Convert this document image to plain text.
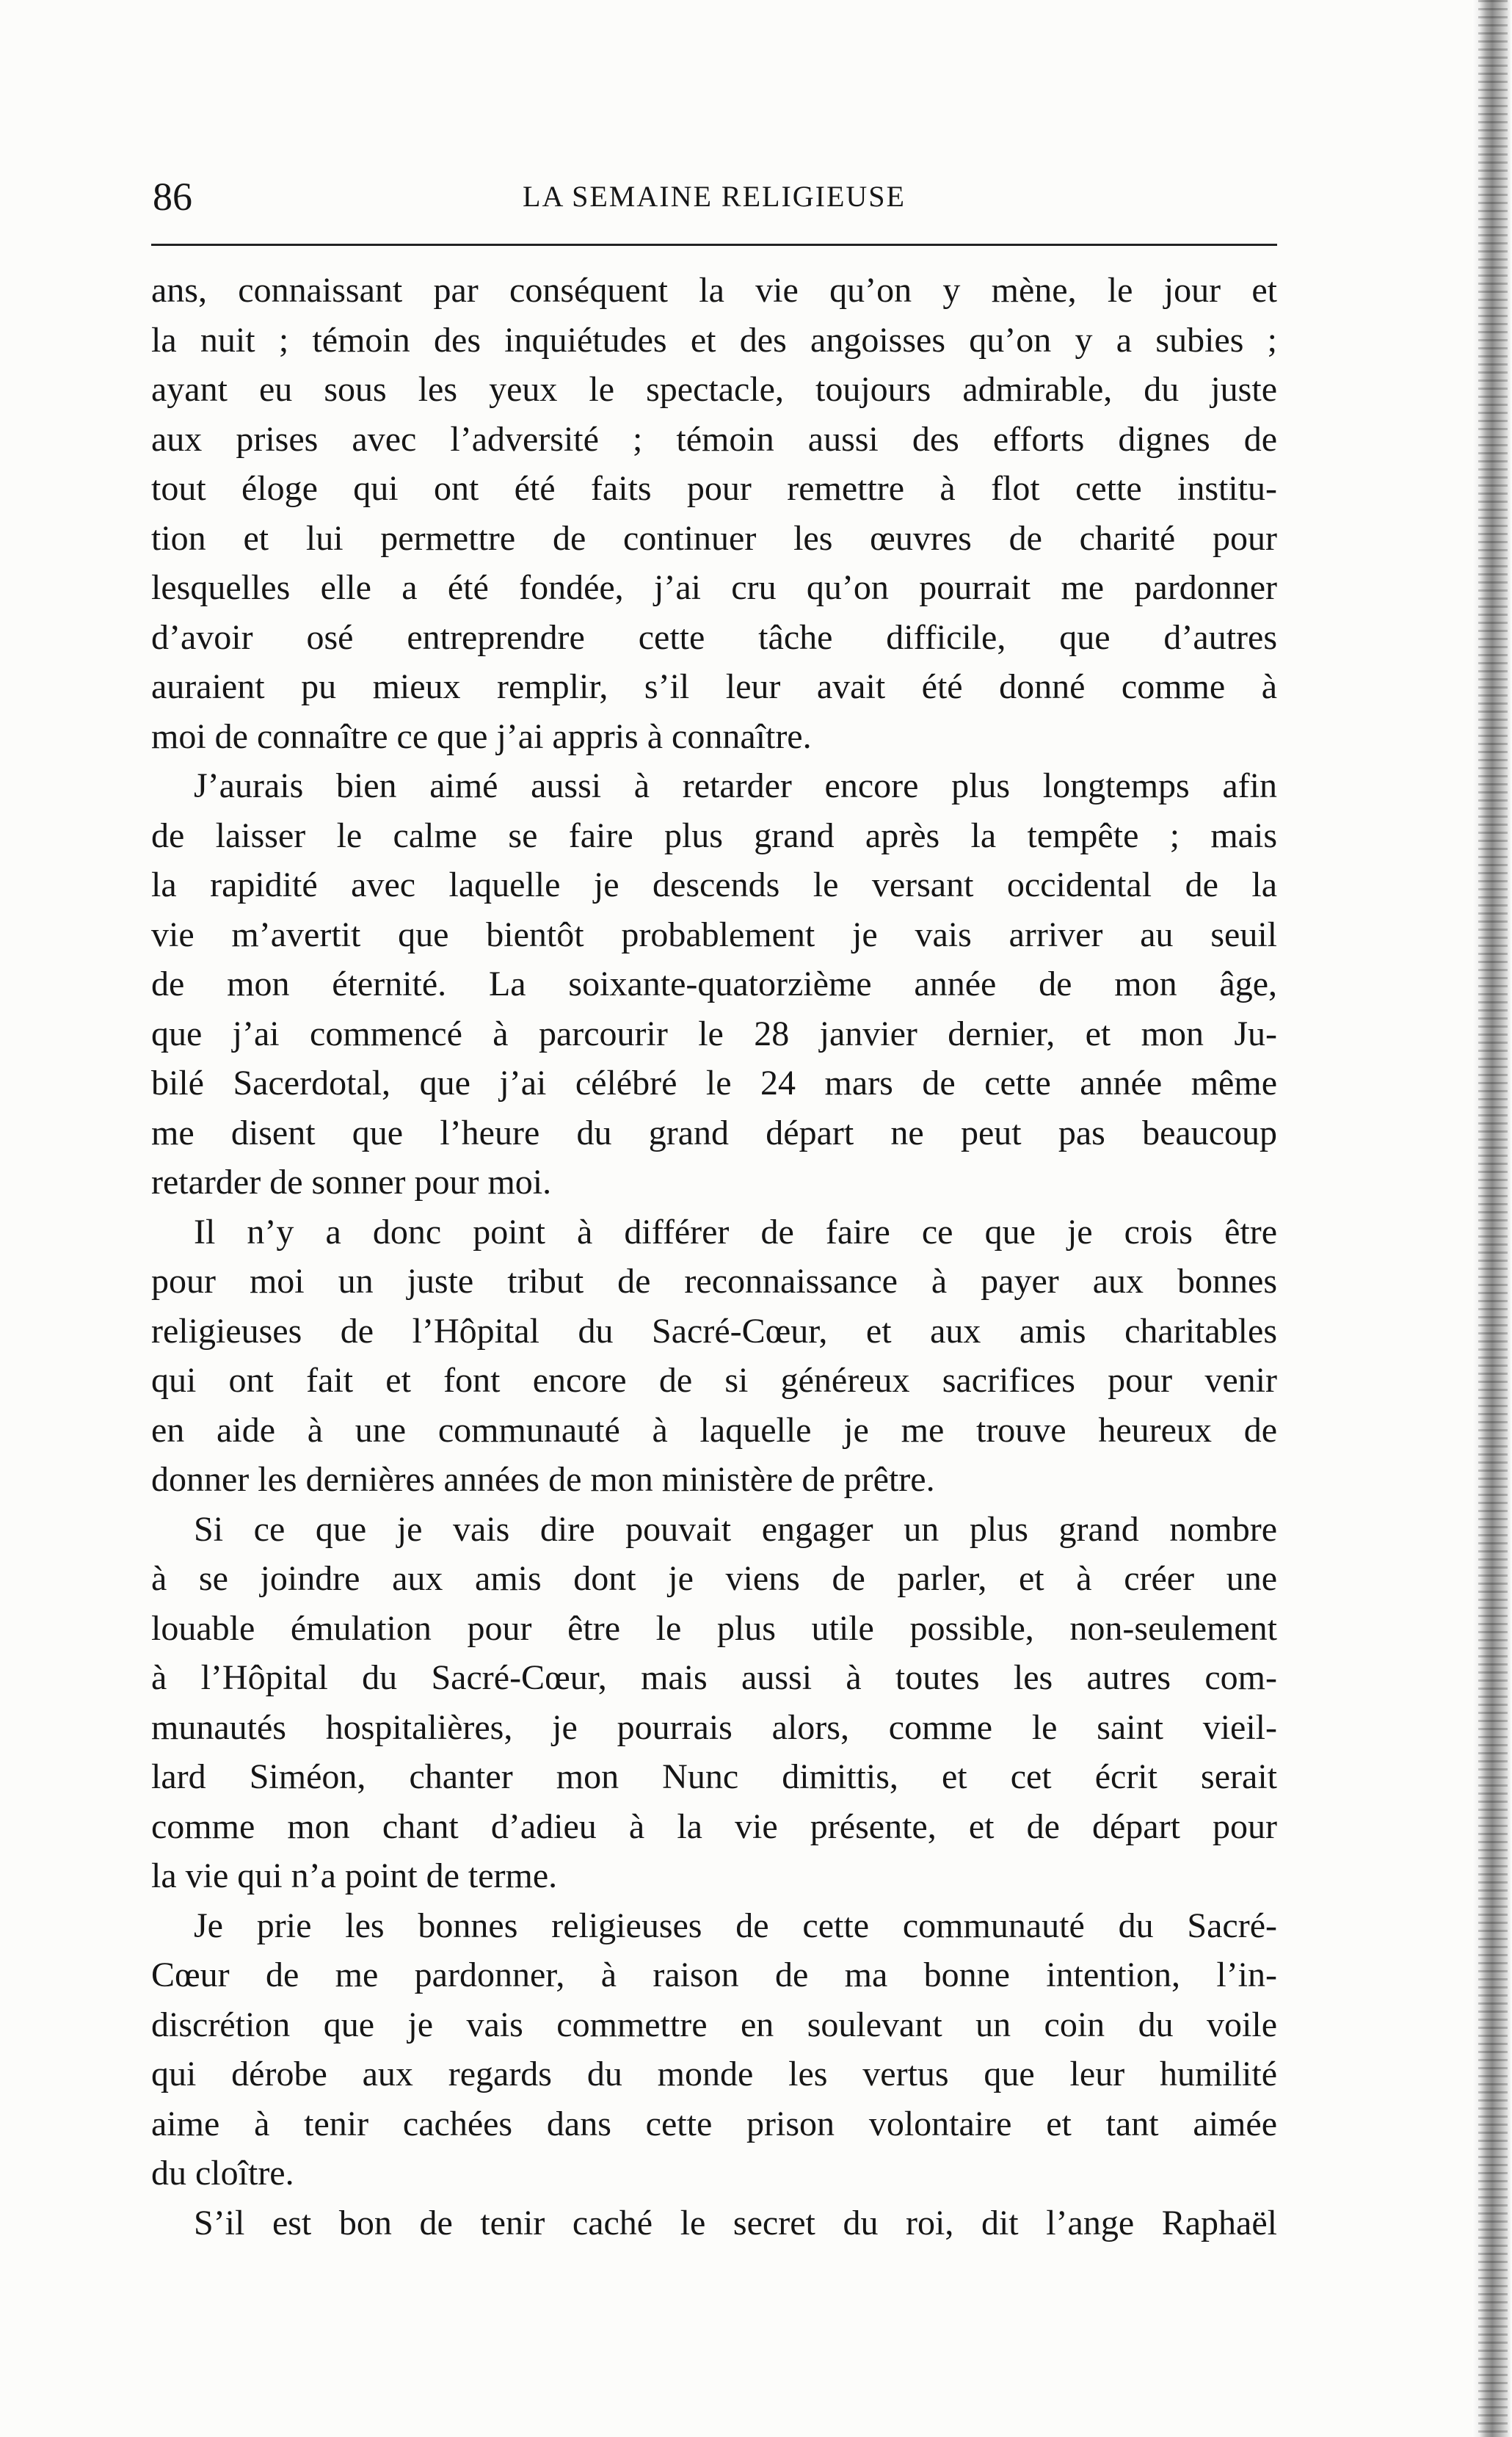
86	LA SEMAINE RELIGIEUSE
ans, connaissant par conséquent la vie qu’on y mène, le jour et
la nuit ; témoin des inquiétudes et des angoisses qu’on y a subies ;
ayant eu sous les yeux le spectacle, toujours admirable, du juste
aux prises avec l’adversité ; témoin aussi des efforts dignes de
tout éloge qui ont été faits pour remettre à flot cette institu-
tion et lui permettre de continuer les œuvres de charité pour
lesquelles elle a été fondée, j’ai cru qu’on pourrait me pardonner
d’avoir osé entreprendre cette tâche difficile, que d’autres
auraient pu mieux remplir, s’il leur avait été donné comme à
moi de connaître ce que j’ai appris à connaître.
J’aurais bien aimé aussi à retarder encore plus longtemps afin
de laisser le calme se faire plus grand après la tempête ; mais
la rapidité avec laquelle je descends le versant occidental de la
vie m’avertit que bientôt probablement je vais arriver au seuil
de mon éternité. La soixante-quatorzième année de mon âge,
que j’ai commencé à parcourir le 28 janvier dernier, et mon Ju-
bilé Sacerdotal, que j’ai célébré le 24 mars de cette année même
me disent que l’heure du grand départ ne peut pas beaucoup
retarder de sonner pour moi.
Il n’y a donc point à différer de faire ce que je crois être
pour moi un juste tribut de reconnaissance à payer aux bonnes
religieuses de l’Hôpital du Sacré-Cœur, et aux amis charitables
qui ont fait et font encore de si généreux sacrifices pour venir
en aide à une communauté à laquelle je me trouve heureux de
donner les dernières années de mon ministère de prêtre.
Si ce que je vais dire pouvait engager un plus grand nombre
à se joindre aux amis dont je viens de parler, et à créer une
louable émulation pour être le plus utile possible, non-seulement
à l’Hôpital du Sacré-Cœur, mais aussi à toutes les autres com-
munautés hospitalières, je pourrais alors, comme le saint vieil-
lard Siméon, chanter mon Nunc dimittis, et cet écrit serait
comme mon chant d’adieu à la vie présente, et de départ pour
la vie qui n’a point de terme.
Je prie les bonnes religieuses de cette communauté du Sacré-
Cœur de me pardonner, à raison de ma bonne intention, l’in-
discrétion que je vais commettre en soulevant un coin du voile
qui dérobe aux regards du monde les vertus que leur humilité
aime à tenir cachées dans cette prison volontaire et tant aimée
du cloître.
S’il est bon de tenir caché le secret du roi, dit l’ange Raphaël
